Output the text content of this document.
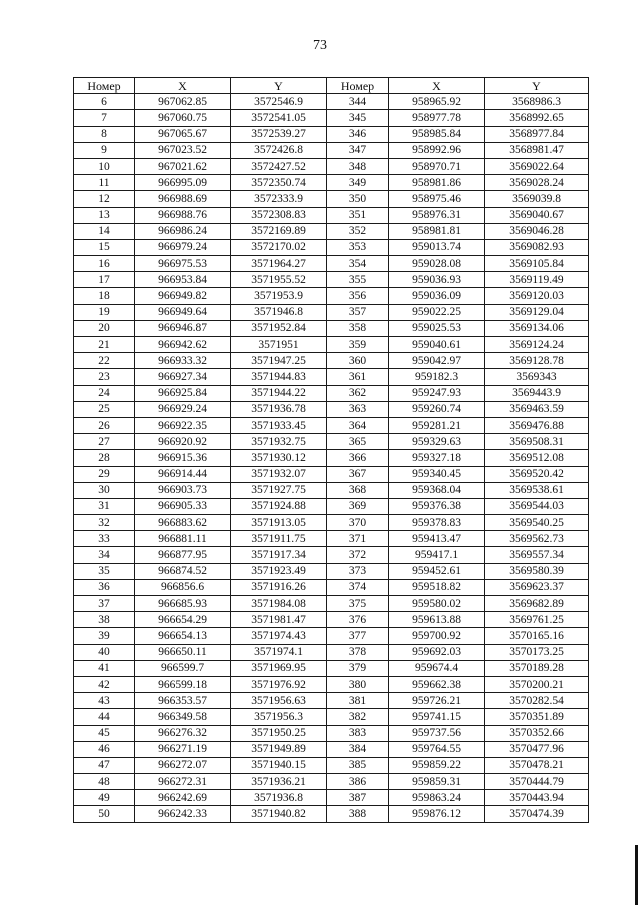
73
Номер	X	Y	Номер	X	Y
6	967062.85	3572546.9	344	958965.92	3568986.3
7	967060.75	3572541.05	345	958977.78	3568992.65
8	967065.67	3572539.27	346	958985.84	3568977.84
9	967023.52	3572426.8	347	958992.96	3568981.47
10	967021.62	3572427.52	348	958970.71	3569022.64
11	966995.09	3572350.74	349	958981.86	3569028.24
12	966988.69	3572333.9	350	958975.46	3569039.8
13	966988.76	3572308.83	351	958976.31	3569040.67
14	966986.24	3572169.89	352	958981.81	3569046.28
15	966979.24	3572170.02	353	959013.74	3569082.93
16	966975.53	3571964.27	354	959028.08	3569105.84
17	966953.84	3571955.52	355	959036.93	3569119.49
18	966949.82	3571953.9	356	959036.09	3569120.03
19	966949.64	3571946.8	357	959022.25	3569129.04
20	966946.87	3571952.84	358	959025.53	3569134.06
21	966942.62	3571951	359	959040.61	3569124.24
22	966933.32	3571947.25	360	959042.97	3569128.78
23	966927.34	3571944.83	361	959182.3	3569343
24	966925.84	3571944.22	362	959247.93	3569443.9
25	966929.24	3571936.78	363	959260.74	3569463.59
26	966922.35	3571933.45	364	959281.21	3569476.88
27	966920.92	3571932.75	365	959329.63	3569508.31
28	966915.36	3571930.12	366	959327.18	3569512.08
29	966914.44	3571932.07	367	959340.45	3569520.42
30	966903.73	3571927.75	368	959368.04	3569538.61
31	966905.33	3571924.88	369	959376.38	3569544.03
32	966883.62	3571913.05	370	959378.83	3569540.25
33	966881.11	3571911.75	371	959413.47	3569562.73
34	966877.95	3571917.34	372	959417.1	3569557.34
35	966874.52	3571923.49	373	959452.61	3569580.39
36	966856.6	3571916.26	374	959518.82	3569623.37
37	966685.93	3571984.08	375	959580.02	3569682.89
38	966654.29	3571981.47	376	959613.88	3569761.25
39	966654.13	3571974.43	377	959700.92	3570165.16
40	966650.11	3571974.1	378	959692.03	3570173.25
41	966599.7	3571969.95	379	959674.4	3570189.28
42	966599.18	3571976.92	380	959662.38	3570200.21
43	966353.57	3571956.63	381	959726.21	3570282.54
44	966349.58	3571956.3	382	959741.15	3570351.89
45	966276.32	3571950.25	383	959737.56	3570352.66
46	966271.19	3571949.89	384	959764.55	3570477.96
47	966272.07	3571940.15	385	959859.22	3570478.21
48	966272.31	3571936.21	386	959859.31	3570444.79
49	966242.69	3571936.8	387	959863.24	3570443.94
50	966242.33	3571940.82	388	959876.12	3570474.39
